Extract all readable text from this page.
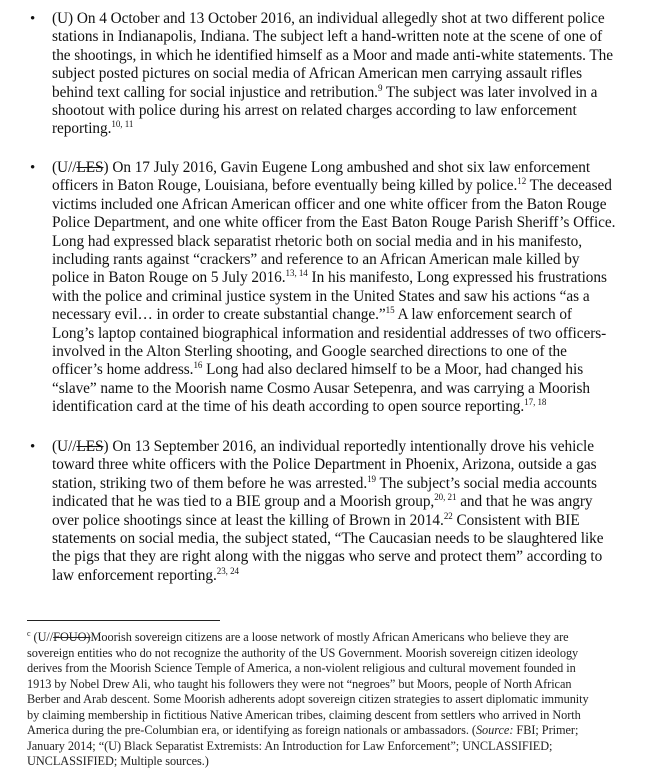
• (U) On 4 October and 13 October 2016, an individual allegedly shot at two different police
stations in Indianapolis, Indiana. The subject left a hand-written note at the scene of one of
the shootings, in which he identified himself as a Moor and made anti-white statements. The
subject posted pictures on social media of African American men carrying assault rifles
behind text calling for social injustice and retribution.$^9$ The subject was later involved in a
shootout with police during his arrest on related charges according to law enforcement
reporting.$^{10, 11}$
• (U//LES) On 17 July 2016, Gavin Eugene Long ambushed and shot six law enforcement
officers in Baton Rouge, Louisiana, before eventually being killed by police.$^{12}$ The deceased
victims included one African American officer and one white officer from the Baton Rouge
Police Department, and one white officer from the East Baton Rouge Parish Sheriff’s Office.
Long had expressed black separatist rhetoric both on social media and in his manifesto,
including rants against “crackers” and reference to an African American male killed by
police in Baton Rouge on 5 July 2016.$^{13, 14}$ In his manifesto, Long expressed his frustrations
with the police and criminal justice system in the United States and saw his actions “as a
necessary evil… in order to create substantial change.”$^{15}$ A law enforcement search of
Long’s laptop contained biographical information and residential addresses of two officers-
involved in the Alton Sterling shooting, and Google searched directions to one of the
officer’s home address.$^{16}$ Long had also declared himself to be a Moor, had changed his
“slave” name to the Moorish name Cosmo Ausar Setepenra, and was carrying a Moorish
identification card at the time of his death according to open source reporting.$^{17, 18}$
• (U//LES) On 13 September 2016, an individual reportedly intentionally drove his vehicle
toward three white officers with the Police Department in Phoenix, Arizona, outside a gas
station, striking two of them before he was arrested.$^{19}$ The subject’s social media accounts
indicated that he was tied to a BIE group and a Moorish group,$^{20, 21}$ and that he was angry
over police shootings since at least the killing of Brown in 2014.22 Consistent with BIE
statements on social media, the subject stated, “The Caucasian needs to be slaughtered like
the pigs that they are right along with the niggas who serve and protect them” according to
law enforcement reporting.$^{23, 24}$
$^c$ (U//FOUO)Moorish sovereign citizens are a loose network of mostly African Americans who believe they are
sovereign entities who do not recognize the authority of the US Government. Moorish sovereign citizen ideology
derives from the Moorish Science Temple of America, a non-violent religious and cultural movement founded in
1913 by Nobel Drew Ali, who taught his followers they were not “negroes” but Moors, people of North African
Berber and Arab descent. Some Moorish adherents adopt sovereign citizen strategies to assert diplomatic immunity
by claiming membership in fictitious Native American tribes, claiming descent from settlers who arrived in North
America during the pre-Columbian era, or identifying as foreign nationals or ambassadors. (Source: FBI; Primer;
January 2014; “(U) Black Separatist Extremists: An Introduction for Law Enforcement”; UNCLASSIFIED;
UNCLASSIFIED; Multiple sources.)
